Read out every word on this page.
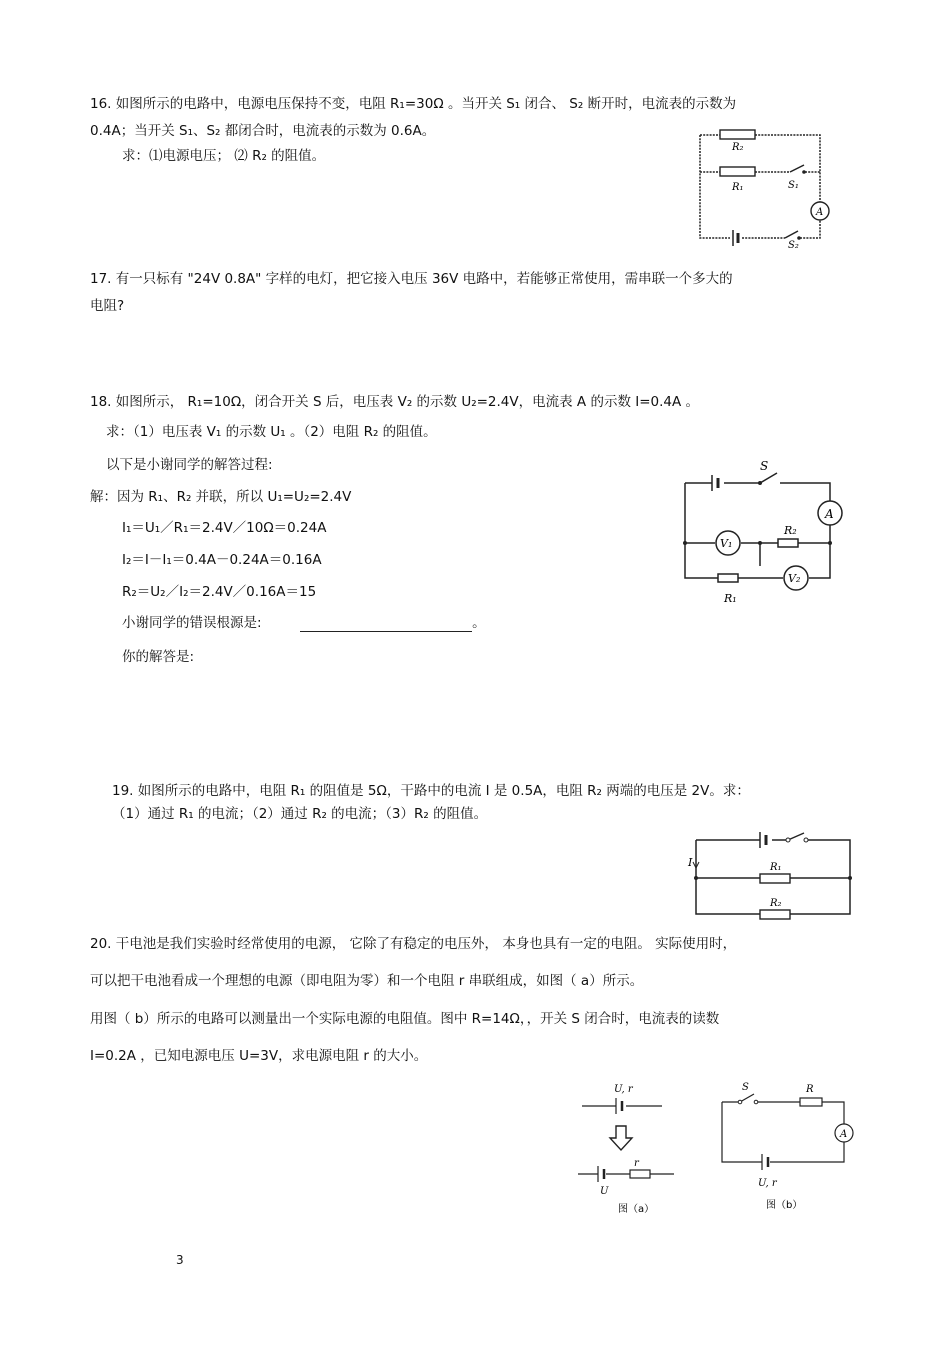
16. 如图所示的电路中，电源电压保持不变，电阻 R₁=30Ω 。当开关 S₁ 闭合、 S₂ 断开时，电流表的示数为
0.4A；当开关 S₁、S₂ 都闭合时，电流表的示数为 0.6A。
求：⑴电源电压； ⑵ R₂ 的阻值。
R₂
R₁	S₁
A
S₂
17. 有一只标有 "24V 0.8A" 字样的电灯，把它接入电压 36V 电路中，若能够正常使用，需串联一个多大的
电阻?
18. 如图所示， R₁=10Ω，闭合开关 S 后，电压表 V₂ 的示数 U₂=2.4V，电流表 A 的示数 I=0.4A 。
求：（1）电压表 V₁ 的示数 U₁ 。（2）电阻 R₂ 的阻值。
以下是小谢同学的解答过程:
解：因为 R₁、R₂ 并联，所以 U₁=U₂=2.4V
I₁＝U₁／R₁＝2.4V／10Ω＝0.24A
I₂＝I－I₁＝0.4A－0.24A＝0.16A
R₂＝U₂／I₂＝2.4V／0.16A＝15
小谢同学的错误根源是:	。
你的解答是:
S
A
V₁
R₂
V₂
R₁
19. 如图所示的电路中，电阻 R₁ 的阻值是 5Ω，干路中的电流 I 是 0.5A，电阻 R₂ 两端的电压是 2V。求：
（1）通过 R₁ 的电流；（2）通过 R₂ 的电流；（3）R₂ 的阻值。
I	R₁
R₂
20. 干电池是我们实验时经常使用的电源， 它除了有稳定的电压外， 本身也具有一定的电阻。 实际使用时，
可以把干电池看成一个理想的电源（即电阻为零）和一个电阻 r 串联组成，如图（ a）所示。
用图（ b）所示的电路可以测量出一个实际电源的电阻值。图中 R=14Ω，，开关 S 闭合时，电流表的读数
I=0.2A ，已知电源电压 U=3V，求电源电阻 r 的大小。
U, r
U
r
图（a）
S	R
A
U, r
图（b）
3
